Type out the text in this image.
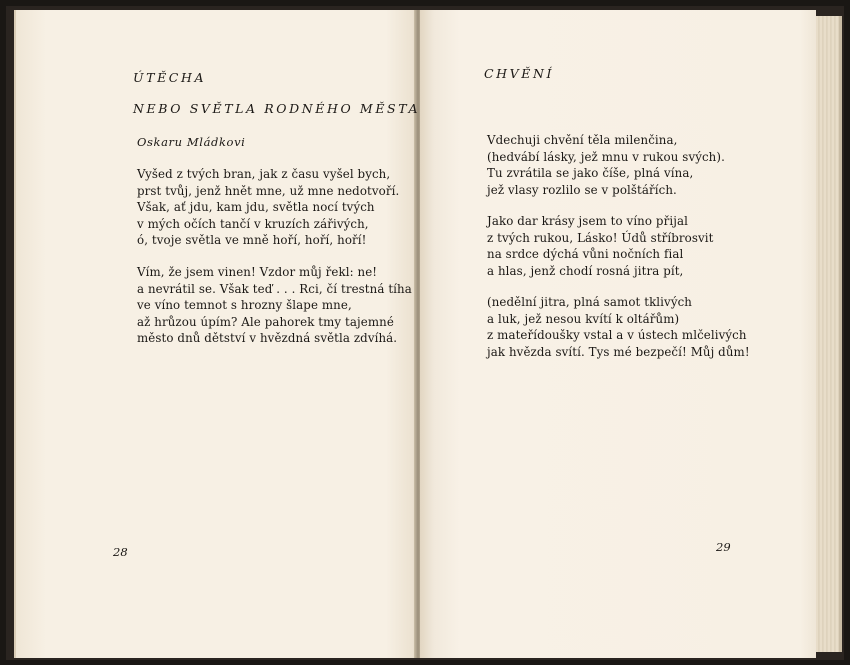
ÚTĚCHA
NEBO SVĚTLA RODNÉHO MĚSTA
Oskaru Mládkovi
Vyšed z tvých bran, jak z času vyšel bych,
prst tvůj, jenž hnět mne, už mne nedotvoří.
Však, ať jdu, kam jdu, světla nocí tvých
v mých očích tančí v kruzích zářivých,
ó, tvoje světla ve mně hoří, hoří, hoří!
Vím, že jsem vinen! Vzdor můj řekl: ne!
a nevrátil se. Však teď . . . Rci, čí trestná tíha
ve víno temnot s hrozny šlape mne,
až hrůzou úpím? Ale pahorek tmy tajemné
město dnů dětství v hvězdná světla zdvíhá.
28
CHVĚNÍ
Vdechuji chvění těla milenčina,
(hedvábí lásky, jež mnu v rukou svých).
Tu zvrátila se jako číše, plná vína,
jež vlasy rozlilo se v polštářích.
Jako dar krásy jsem to víno přijal
z tvých rukou, Lásko! Údů stříbrosvit
na srdce dýchá vůni nočních fial
a hlas, jenž chodí rosná jitra pít,
(nedělní jitra, plná samot tklivých
a luk, jež nesou kvítí k oltářům)
z mateřídoušky vstal a v ústech mlčelivých
jak hvězda svítí. Tys mé bezpečí! Můj dům!
29
